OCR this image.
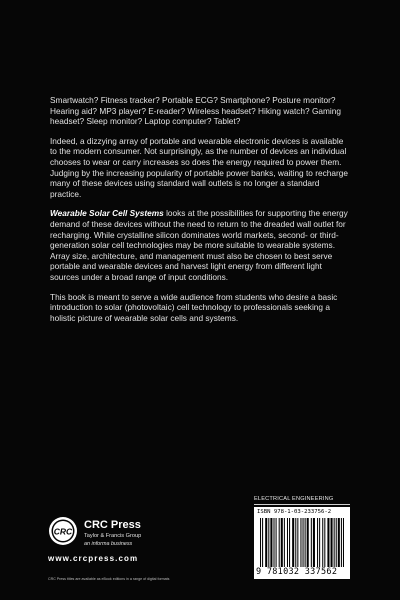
Smartwatch? Fitness tracker? Portable ECG? Smartphone? Posture monitor? Hearing aid? MP3 player? E-reader? Wireless headset? Hiking watch? Gaming headset? Sleep monitor? Laptop computer? Tablet?

Indeed, a dizzying array of portable and wearable electronic devices is available to the modern consumer. Not surprisingly, as the number of devices an individual chooses to wear or carry increases so does the energy required to power them. Judging by the increasing popularity of portable power banks, waiting to recharge many of these devices using standard wall outlets is no longer a standard practice.

Wearable Solar Cell Systems looks at the possibilities for supporting the energy demand of these devices without the need to return to the dreaded wall outlet for recharging. While crystalline silicon dominates world markets, second- or third-generation solar cell technologies may be more suitable to wearable systems. Array size, architecture, and management must also be chosen to best serve portable and wearable devices and harvest light energy from different light sources under a broad range of input conditions.

This book is meant to serve a wide audience from students who desire a basic introduction to solar (photovoltaic) cell technology to professionals seeking a holistic picture of wearable solar cells and systems.

ELECTRICAL ENGINEERING
ISBN 978-1-03-233756-2
9 781032 337562
CRC
CRC Press
Taylor & Francis Group
an informa business
www.crcpress.com
CRC Press titles are available as eBook editions in a range of digital formats
